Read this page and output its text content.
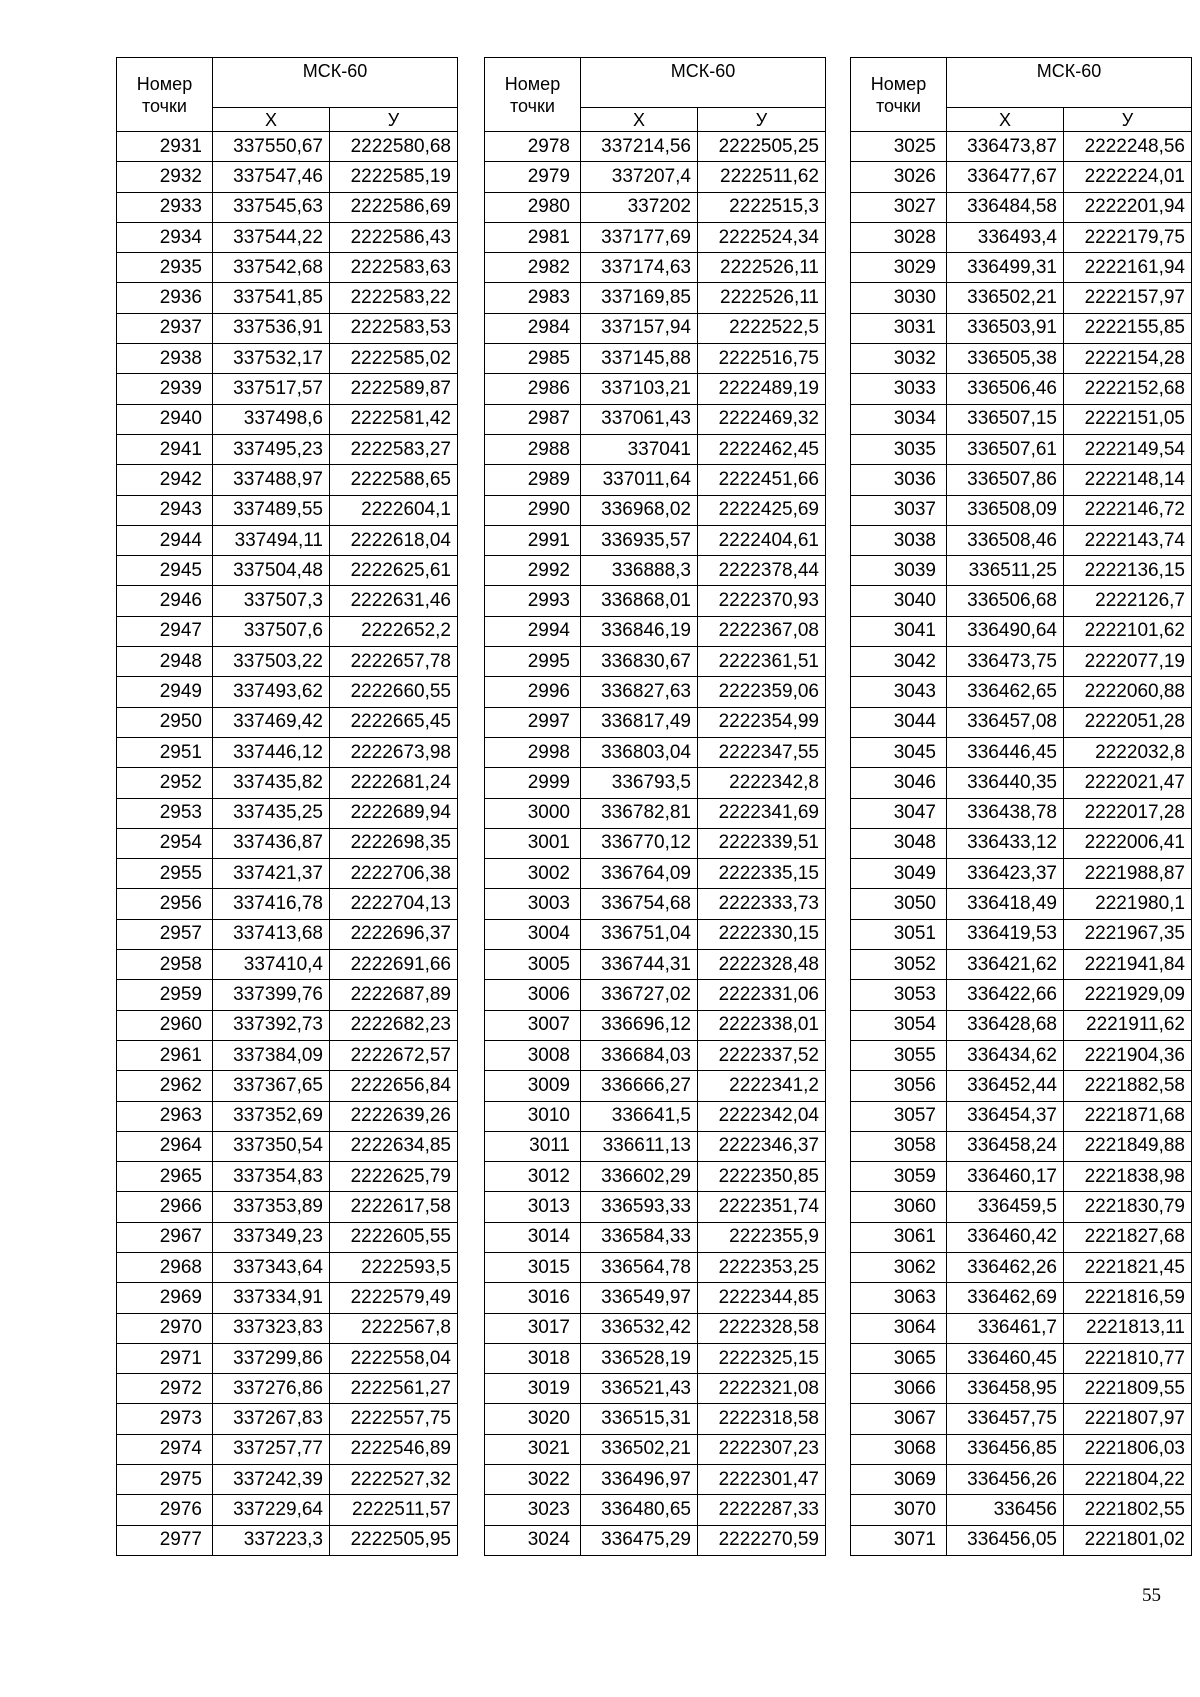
Номер точки	МСК-60	
	Х	У
2931	337550,67	2222580,68
2932	337547,46	2222585,19
2933	337545,63	2222586,69
2934	337544,22	2222586,43
2935	337542,68	2222583,63
2936	337541,85	2222583,22
2937	337536,91	2222583,53
2938	337532,17	2222585,02
2939	337517,57	2222589,87
2940	337498,6	2222581,42
2941	337495,23	2222583,27
2942	337488,97	2222588,65
2943	337489,55	2222604,1
2944	337494,11	2222618,04
2945	337504,48	2222625,61
2946	337507,3	2222631,46
2947	337507,6	2222652,2
2948	337503,22	2222657,78
2949	337493,62	2222660,55
2950	337469,42	2222665,45
2951	337446,12	2222673,98
2952	337435,82	2222681,24
2953	337435,25	2222689,94
2954	337436,87	2222698,35
2955	337421,37	2222706,38
2956	337416,78	2222704,13
2957	337413,68	2222696,37
2958	337410,4	2222691,66
2959	337399,76	2222687,89
2960	337392,73	2222682,23
2961	337384,09	2222672,57
2962	337367,65	2222656,84
2963	337352,69	2222639,26
2964	337350,54	2222634,85
2965	337354,83	2222625,79
2966	337353,89	2222617,58
2967	337349,23	2222605,55
2968	337343,64	2222593,5
2969	337334,91	2222579,49
2970	337323,83	2222567,8
2971	337299,86	2222558,04
2972	337276,86	2222561,27
2973	337267,83	2222557,75
2974	337257,77	2222546,89
2975	337242,39	2222527,32
2976	337229,64	2222511,57
2977	337223,3	2222505,95
Номер точки	МСК-60	
	Х	У
2978	337214,56	2222505,25
2979	337207,4	2222511,62
2980	337202	2222515,3
2981	337177,69	2222524,34
2982	337174,63	2222526,11
2983	337169,85	2222526,11
2984	337157,94	2222522,5
2985	337145,88	2222516,75
2986	337103,21	2222489,19
2987	337061,43	2222469,32
2988	337041	2222462,45
2989	337011,64	2222451,66
2990	336968,02	2222425,69
2991	336935,57	2222404,61
2992	336888,3	2222378,44
2993	336868,01	2222370,93
2994	336846,19	2222367,08
2995	336830,67	2222361,51
2996	336827,63	2222359,06
2997	336817,49	2222354,99
2998	336803,04	2222347,55
2999	336793,5	2222342,8
3000	336782,81	2222341,69
3001	336770,12	2222339,51
3002	336764,09	2222335,15
3003	336754,68	2222333,73
3004	336751,04	2222330,15
3005	336744,31	2222328,48
3006	336727,02	2222331,06
3007	336696,12	2222338,01
3008	336684,03	2222337,52
3009	336666,27	2222341,2
3010	336641,5	2222342,04
3011	336611,13	2222346,37
3012	336602,29	2222350,85
3013	336593,33	2222351,74
3014	336584,33	2222355,9
3015	336564,78	2222353,25
3016	336549,97	2222344,85
3017	336532,42	2222328,58
3018	336528,19	2222325,15
3019	336521,43	2222321,08
3020	336515,31	2222318,58
3021	336502,21	2222307,23
3022	336496,97	2222301,47
3023	336480,65	2222287,33
3024	336475,29	2222270,59
Номер точки	МСК-60	
	Х	У
3025	336473,87	2222248,56
3026	336477,67	2222224,01
3027	336484,58	2222201,94
3028	336493,4	2222179,75
3029	336499,31	2222161,94
3030	336502,21	2222157,97
3031	336503,91	2222155,85
3032	336505,38	2222154,28
3033	336506,46	2222152,68
3034	336507,15	2222151,05
3035	336507,61	2222149,54
3036	336507,86	2222148,14
3037	336508,09	2222146,72
3038	336508,46	2222143,74
3039	336511,25	2222136,15
3040	336506,68	2222126,7
3041	336490,64	2222101,62
3042	336473,75	2222077,19
3043	336462,65	2222060,88
3044	336457,08	2222051,28
3045	336446,45	2222032,8
3046	336440,35	2222021,47
3047	336438,78	2222017,28
3048	336433,12	2222006,41
3049	336423,37	2221988,87
3050	336418,49	2221980,1
3051	336419,53	2221967,35
3052	336421,62	2221941,84
3053	336422,66	2221929,09
3054	336428,68	2221911,62
3055	336434,62	2221904,36
3056	336452,44	2221882,58
3057	336454,37	2221871,68
3058	336458,24	2221849,88
3059	336460,17	2221838,98
3060	336459,5	2221830,79
3061	336460,42	2221827,68
3062	336462,26	2221821,45
3063	336462,69	2221816,59
3064	336461,7	2221813,11
3065	336460,45	2221810,77
3066	336458,95	2221809,55
3067	336457,75	2221807,97
3068	336456,85	2221806,03
3069	336456,26	2221804,22
3070	336456	2221802,55
3071	336456,05	2221801,02
55
